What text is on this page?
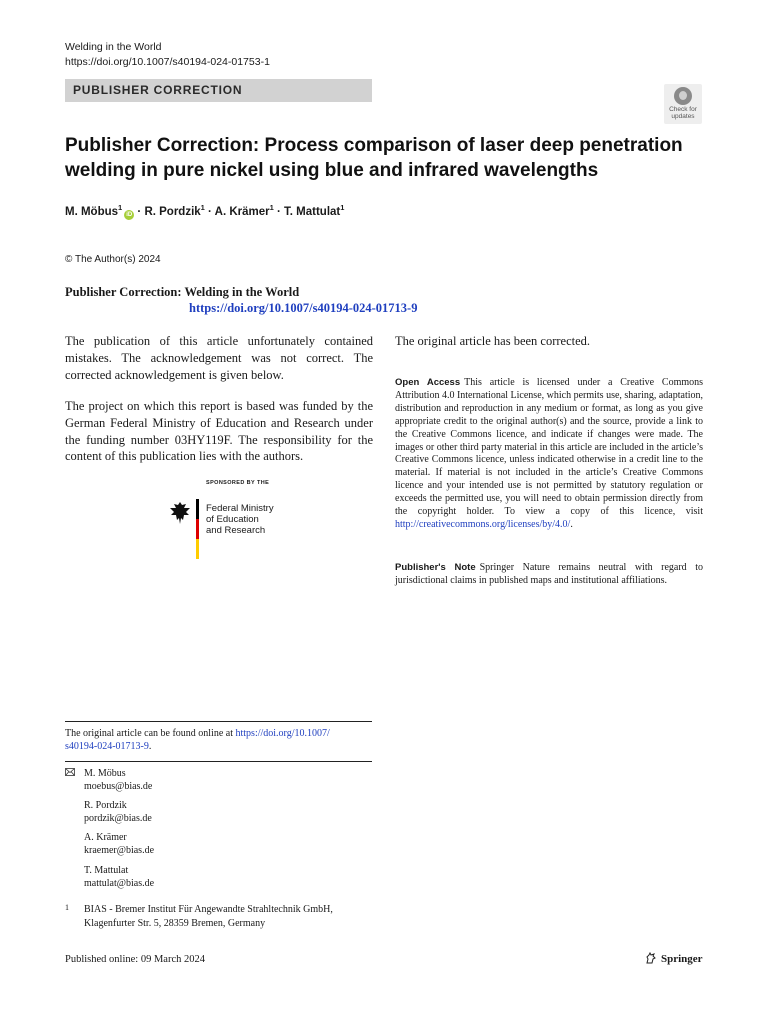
Welding in the World
https://doi.org/10.1007/s40194-024-01753-1
PUBLISHER CORRECTION
Check for
updates
Publisher Correction: Process comparison of laser deep penetration welding in pure nickel using blue and infrared wavelengths
M. Möbus$^1$iD · R. Pordzik$^1$ · A. Krämer$^1$ · T. Mattulat$^1$
© The Author(s) 2024
Publisher Correction: Welding in the World
https://doi.org/10.1007/s40194-024-01713-9
The publication of this article unfortunately contained mistakes. The acknowledgement was not correct. The corrected acknowledgement is given below.
The project on which this report is based was funded by the German Federal Ministry of Education and Research under the funding number 03HY119F. The responsibility for the content of this publication lies with the authors.
SPONSORED BY THE
Federal Ministry
of Education
and Research
The original article has been corrected.
Open Access This article is licensed under a Creative Commons Attribution 4.0 International License, which permits use, sharing, adaptation, distribution and reproduction in any medium or format, as long as you give appropriate credit to the original author(s) and the source, provide a link to the Creative Commons licence, and indicate if changes were made. The images or other third party material in this article are included in the article’s Creative Commons licence, unless indicated otherwise in a credit line to the material. If material is not included in the article’s Creative Commons licence and your intended use is not permitted by statutory regulation or exceeds the permitted use, you will need to obtain permission directly from the copyright holder. To view a copy of this licence, visit http://creativecommons.org/licenses/by/4.0/.
Publisher's Note Springer Nature remains neutral with regard to jurisdictional claims in published maps and institutional affiliations.
The original article can be found online at https://doi.org/10.1007/
s40194-024-01713-9.
M. Möbus
moebus@bias.de
R. Pordzik
pordzik@bias.de
A. Krämer
kraemer@bias.de
T. Mattulat
mattulat@bias.de
1 BIAS - Bremer Institut Für Angewandte Strahltechnik GmbH, Klagenfurter Str. 5, 28359 Bremen, Germany
Published online: 09 March 2024	Springer
